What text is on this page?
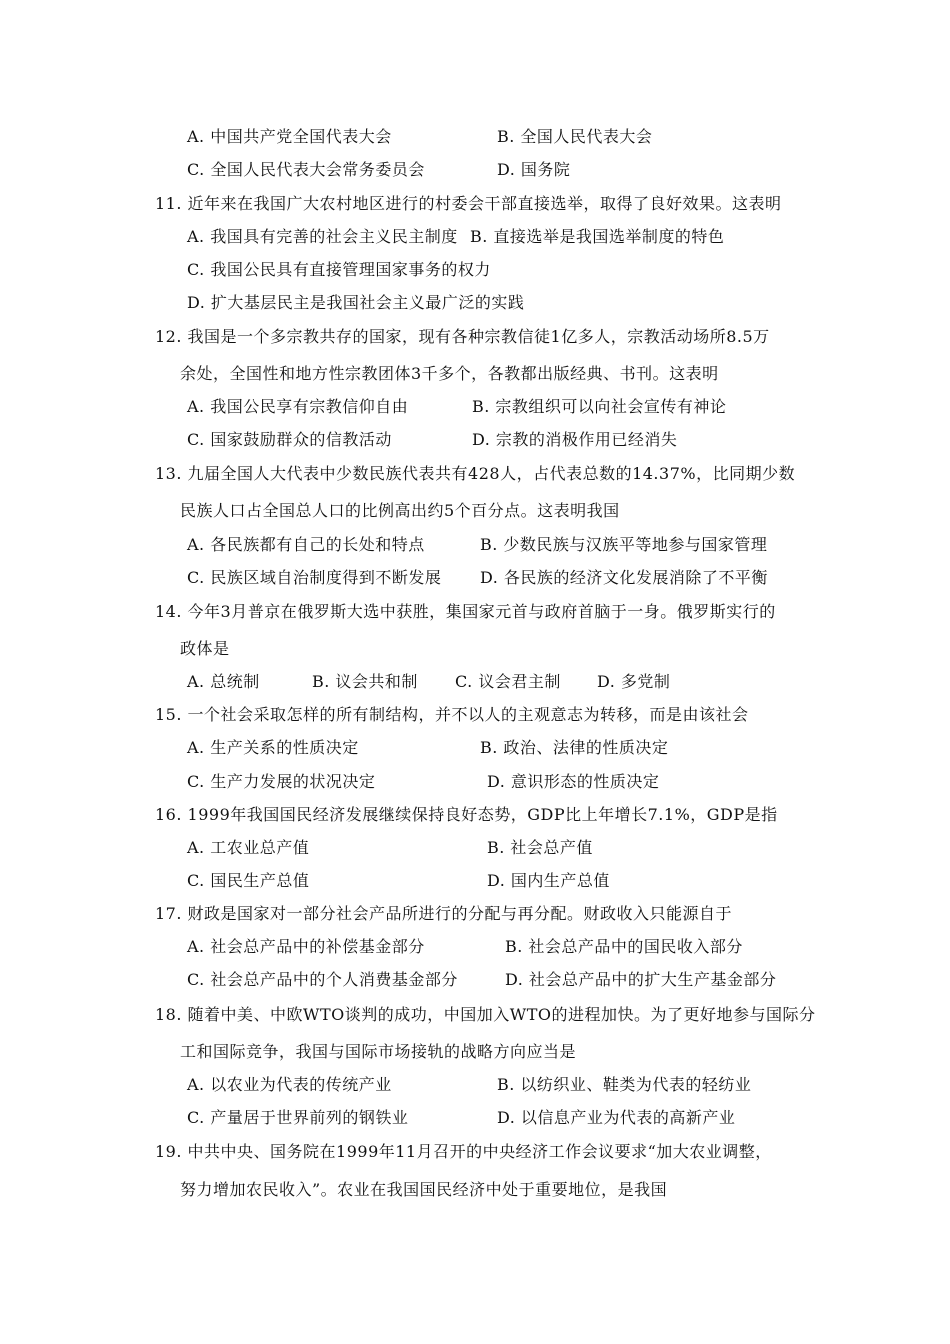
A. 中国共产党全国代表大会	B. 全国人民代表大会
C. 全国人民代表大会常务委员会	D. 国务院
11. 近年来在我国广大农村地区进行的村委会干部直接选举，取得了良好效果。这表明
A. 我国具有完善的社会主义民主制度 B. 直接选举是我国选举制度的特色
C. 我国公民具有直接管理国家事务的权力
D. 扩大基层民主是我国社会主义最广泛的实践
12. 我国是一个多宗教共存的国家，现有各种宗教信徒1亿多人，宗教活动场所8.5万
余处，全国性和地方性宗教团体3千多个，各教都出版经典、书刊。这表明
A. 我国公民享有宗教信仰自由	B. 宗教组织可以向社会宣传有神论
C. 国家鼓励群众的信教活动	D. 宗教的消极作用已经消失
13. 九届全国人大代表中少数民族代表共有428人，占代表总数的14.37%，比同期少数
民族人口占全国总人口的比例高出约5个百分点。这表明我国
A. 各民族都有自己的长处和特点	B. 少数民族与汉族平等地参与国家管理
C. 民族区域自治制度得到不断发展 D. 各民族的经济文化发展消除了不平衡
14. 今年3月普京在俄罗斯大选中获胜，集国家元首与政府首脑于一身。俄罗斯实行的
政体是
A. 总统制	B. 议会共和制 C. 议会君主制 D. 多党制
15. 一个社会采取怎样的所有制结构，并不以人的主观意志为转移，而是由该社会
A. 生产关系的性质决定	B. 政治、法律的性质决定
C. 生产力发展的状况决定	D. 意识形态的性质决定
16. 1999年我国国民经济发展继续保持良好态势，GDP比上年增长7.1%，GDP是指
A. 工农业总产值	B. 社会总产值
C. 国民生产总值	D. 国内生产总值
17. 财政是国家对一部分社会产品所进行的分配与再分配。财政收入只能源自于
A. 社会总产品中的补偿基金部分	B. 社会总产品中的国民收入部分
C. 社会总产品中的个人消费基金部分	D. 社会总产品中的扩大生产基金部分
18. 随着中美、中欧WTO谈判的成功，中国加入WTO的进程加快。为了更好地参与国际分
工和国际竞争，我国与国际市场接轨的战略方向应当是
A. 以农业为代表的传统产业	B. 以纺织业、鞋类为代表的轻纺业
C. 产量居于世界前列的钢铁业	D. 以信息产业为代表的高新产业
19. 中共中央、国务院在1999年11月召开的中央经济工作会议要求“加大农业调整，
努力增加农民收入”。农业在我国国民经济中处于重要地位，是我国
